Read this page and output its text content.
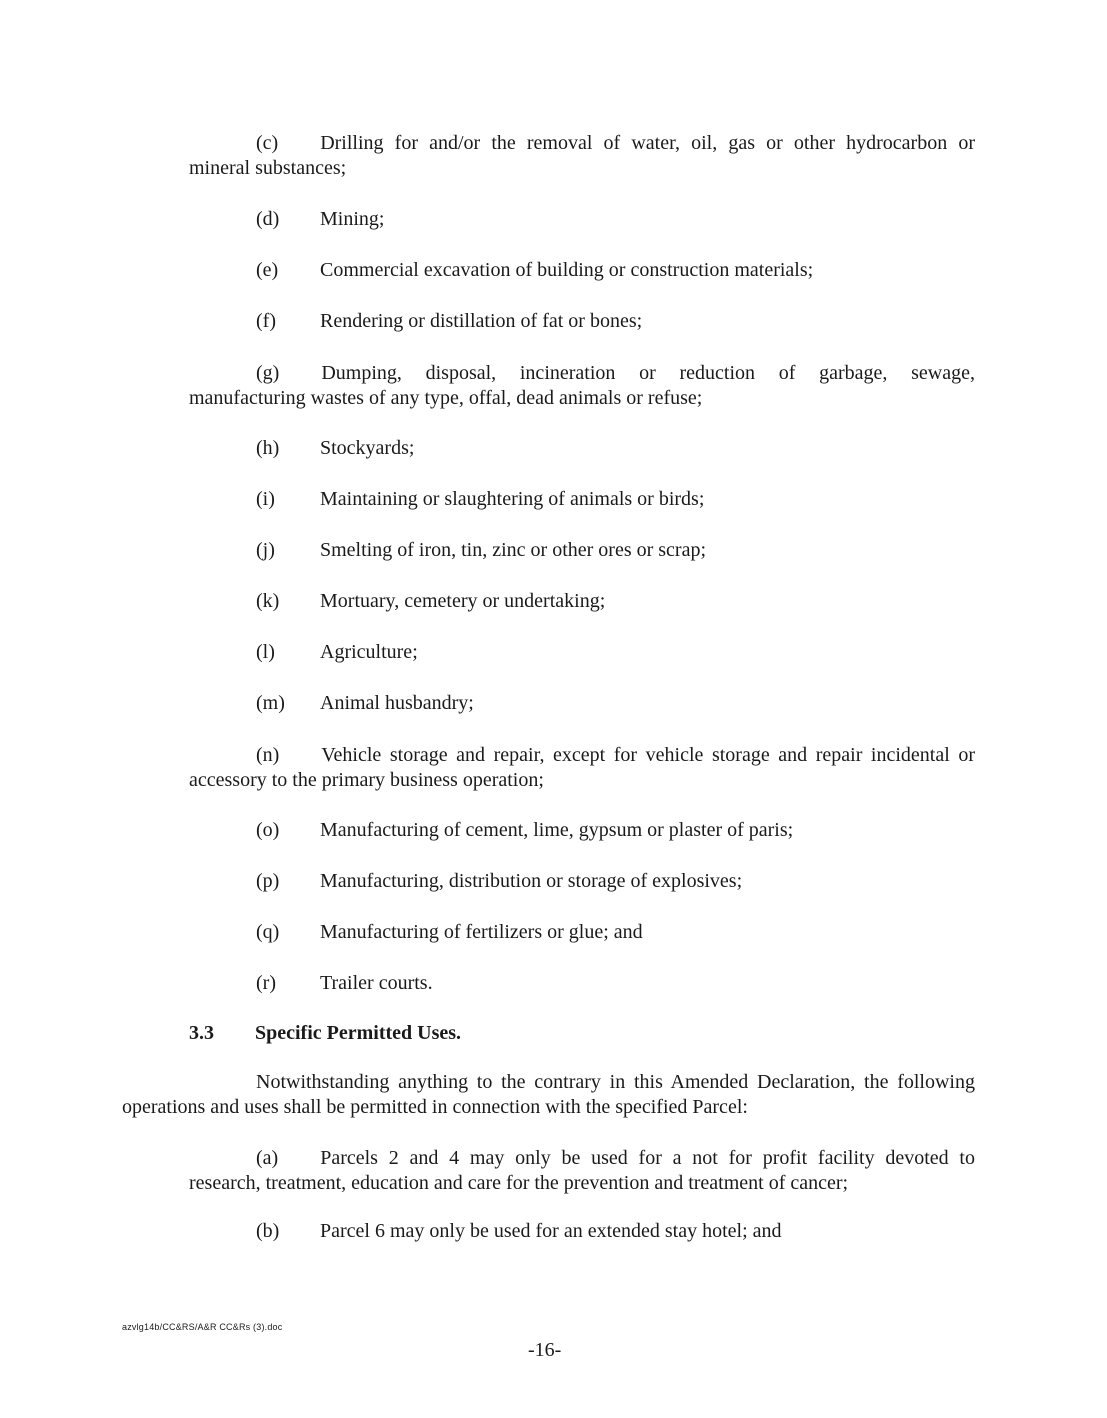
(c) Drilling for and/or the removal of water, oil, gas or other hydrocarbon or
mineral substances;
(d) Mining;
(e) Commercial excavation of building or construction materials;
(f) Rendering or distillation of fat or bones;
(g) Dumping, disposal, incineration or reduction of garbage, sewage,
manufacturing wastes of any type, offal, dead animals or refuse;
(h) Stockyards;
(i) Maintaining or slaughtering of animals or birds;
(j) Smelting of iron, tin, zinc or other ores or scrap;
(k) Mortuary, cemetery or undertaking;
(l) Agriculture;
(m) Animal husbandry;
(n) Vehicle storage and repair, except for vehicle storage and repair incidental or
accessory to the primary business operation;
(o) Manufacturing of cement, lime, gypsum or plaster of paris;
(p) Manufacturing, distribution or storage of explosives;
(q) Manufacturing of fertilizers or glue; and
(r) Trailer courts.
3.3 Specific Permitted Uses.
Notwithstanding anything to the contrary in this Amended Declaration, the following
operations and uses shall be permitted in connection with the specified Parcel:
(a) Parcels 2 and 4 may only be used for a not for profit facility devoted to
research, treatment, education and care for the prevention and treatment of cancer;
(b) Parcel 6 may only be used for an extended stay hotel; and
azvlg14b/CC&RS/A&R CC&Rs (3).doc
-16-
